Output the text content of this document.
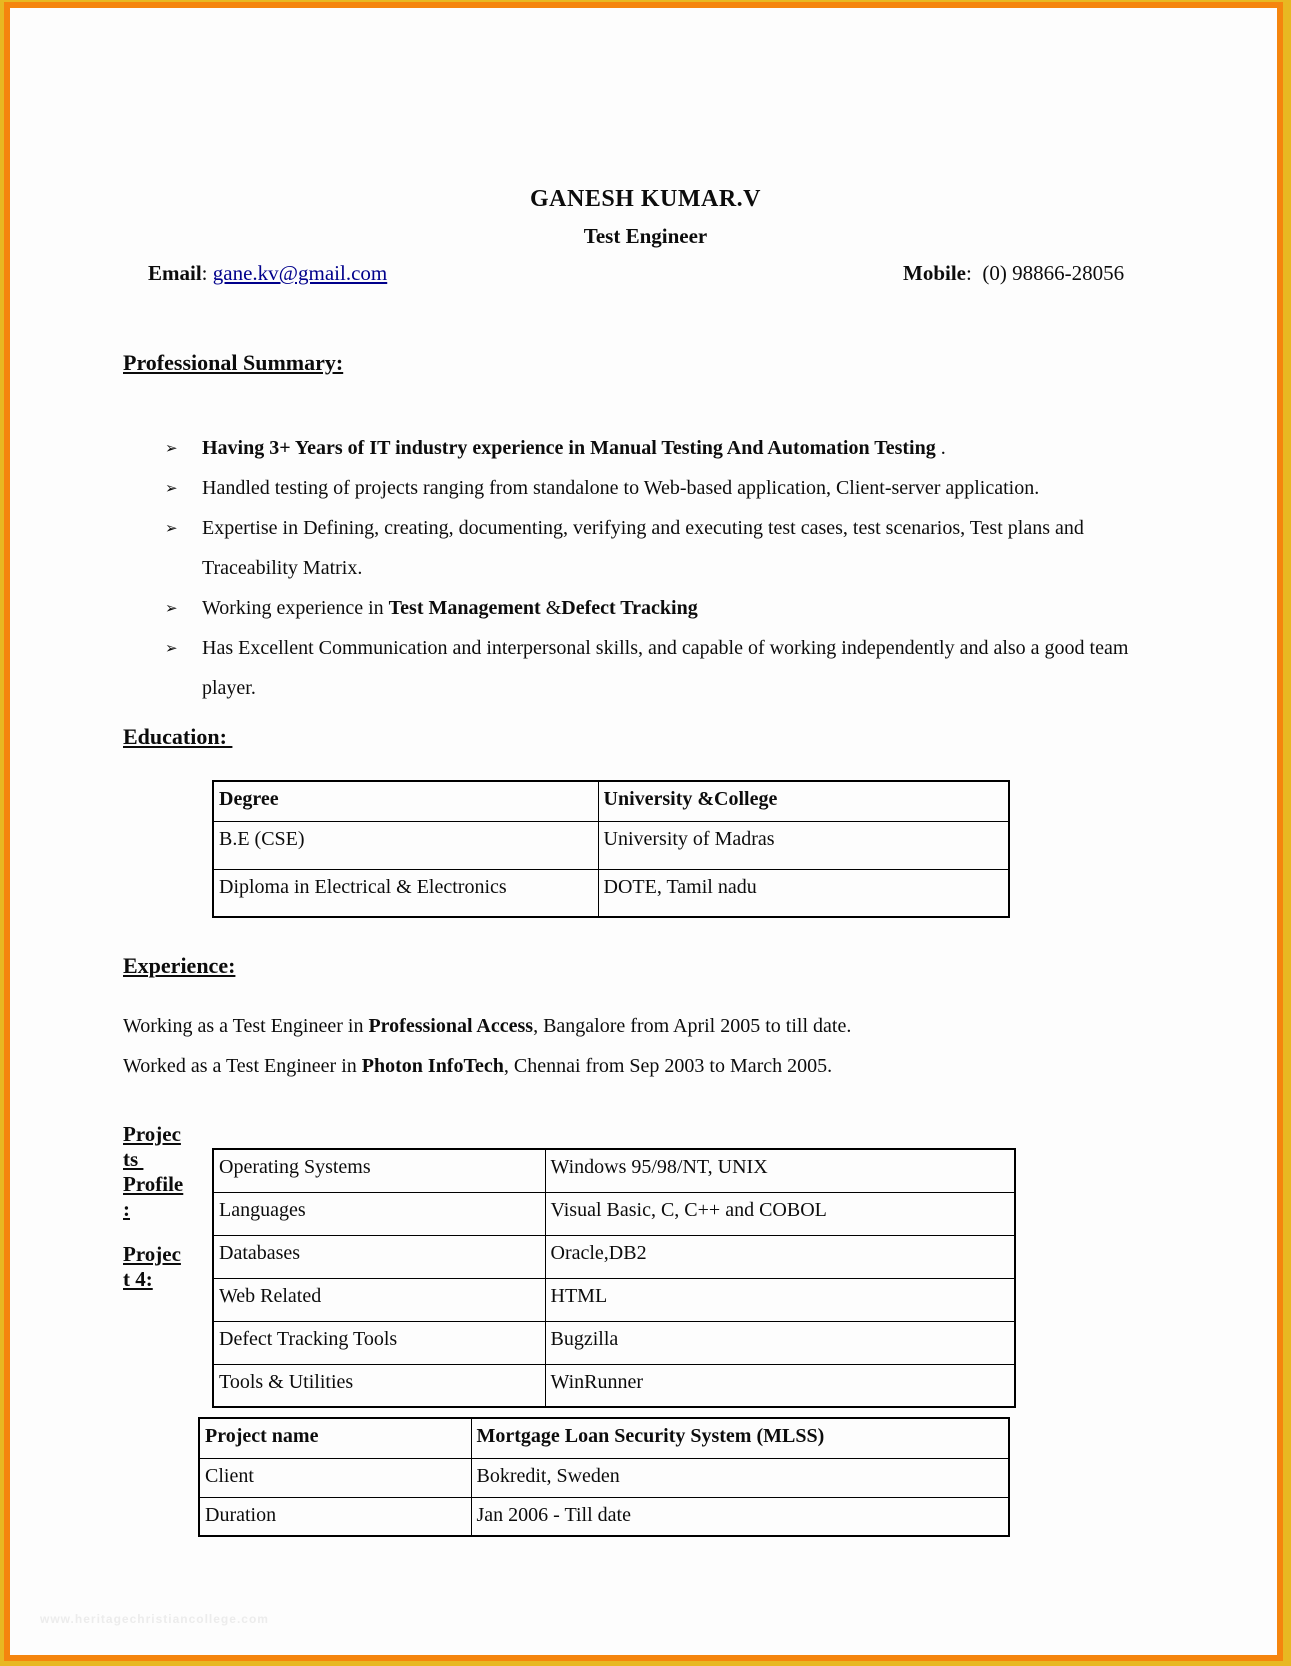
GANESH KUMAR.V
Test Engineer
Email: gane.kv@gmail.com	Mobile:  (0) 98866-28056
Professional Summary:
➢	Having 3+ Years of IT industry experience in Manual Testing And Automation Testing .
➢	Handled testing of projects ranging from standalone to Web-based application, Client-server application.
➢	Expertise in Defining, creating, documenting, verifying and executing test cases, test scenarios, Test plans and Traceability Matrix.
➢	Working experience in Test Management &Defect Tracking
➢	Has Excellent Communication and interpersonal skills, and capable of working independently and also a good team player.
Education:
Degree	University &College
B.E (CSE)	University of Madras
Diploma in Electrical & Electronics	DOTE, Tamil nadu
Experience:
Working as a Test Engineer in Professional Access, Bangalore from April 2005 to till date.
Worked as a Test Engineer in Photon InfoTech, Chennai from Sep 2003 to March 2005.
Projec
ts
Profile
:
Projec
t 4:
Operating Systems	Windows 95/98/NT, UNIX
Languages	Visual Basic, C, C++ and COBOL
Databases	Oracle,DB2
Web Related	HTML
Defect Tracking Tools	Bugzilla
Tools & Utilities	WinRunner
Project name	Mortgage Loan Security System (MLSS)
Client	Bokredit, Sweden
Duration	Jan 2006 - Till date
www.heritagechristiancollege.com
